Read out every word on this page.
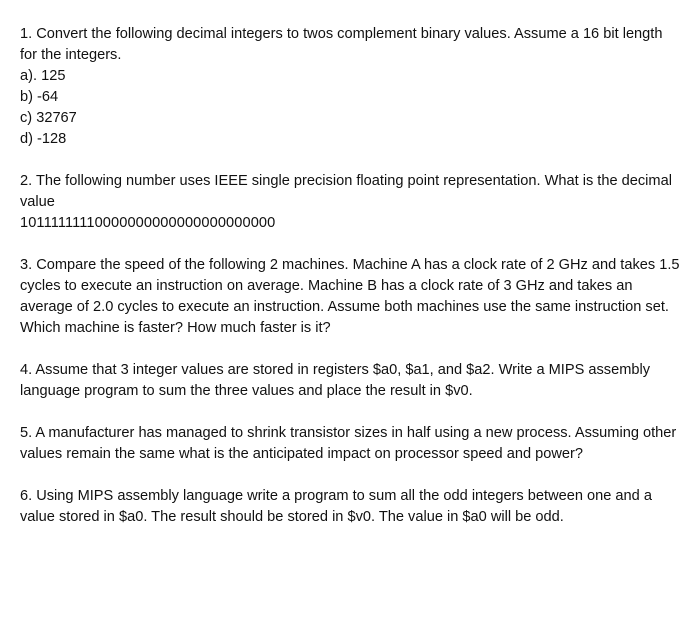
1. Convert the following decimal integers to twos complement binary values. Assume a 16 bit length for the integers.

a). 125
b) -64
c) 32767
d) -128

2. The following number uses IEEE single precision floating point representation. What is the decimal value

10111111110000000000000000000000

3. Compare the speed of the following 2 machines. Machine A has a clock rate of 2 GHz and takes 1.5 cycles to execute an instruction on average. Machine B has a clock rate of 3 GHz and takes an average of 2.0 cycles to execute an instruction. Assume both machines use the same instruction set. Which machine is faster? How much faster is it?

4. Assume that 3 integer values are stored in registers $a0, $a1, and $a2. Write a MIPS assembly language program to sum the three values and place the result in $v0.

5. A manufacturer has managed to shrink transistor sizes in half using a new process. Assuming other values remain the same what is the anticipated impact on processor speed and power?

6. Using MIPS assembly language write a program to sum all the odd integers between one and a value stored in $a0. The result should be stored in $v0. The value in $a0 will be odd.
